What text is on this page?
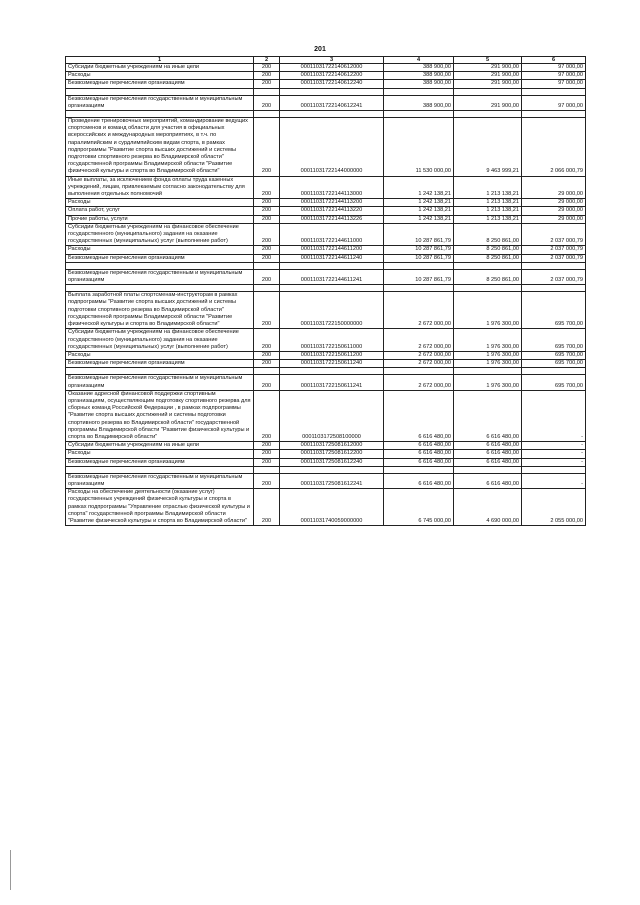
201
1	2	3	4	5	6
Субсидии бюджетным учреждениям на иные цели	200	00011031722140612000	388 900,00	291 900,00	97 000,00
Расходы	200	00011031722140612200	388 900,00	291 900,00	97 000,00
Безвозмездные перечисления организациям	200	00011031722140612240	388 900,00	291 900,00	97 000,00

Безвозмездные перечисления государственным и муниципальным организациям	200	00011031722140612241	388 900,00	291 900,00	97 000,00

Проведение тренировочных мероприятий, командирование ведущих спортсменов и команд области для участия в официальных всероссийских и международных мероприятиях, в т.ч. по паралимпийским и сурдлимпийским видам спорта, в рамках подпрограммы "Развитие спорта высших достижений и системы подготовки спортивного резерва во Владимирской области" государственной программы Владимирской области "Развитие физической культуры и спорта во Владимирской области"	200	00011031722144000000	11 530 000,00	9 463 999,21	2 066 000,79
Иные выплаты, за исключением фонда оплаты труда казенных учреждений, лицам, привлекаемым согласно законодательству для выполнения отдельных полномочий	200	00011031722144113000	1 242 138,21	1 213 138,21	29 000,00
Расходы	200	00011031722144113200	1 242 138,21	1 213 138,21	29 000,00
Оплата работ, услуг	200	00011031722144113220	1 242 138,21	1 213 138,21	29 000,00
Прочие работы, услуги	200	00011031722144113226	1 242 138,21	1 213 138,21	29 000,00
Субсидии бюджетным учреждениям на финансовое обеспечение государственного (муниципального) задания на оказание государственных (муниципальных) услуг (выполнение работ)	200	00011031722144611000	10 287 861,79	8 250 861,00	2 037 000,79
Расходы	200	00011031722144611200	10 287 861,79	8 250 861,00	2 037 000,79
Безвозмездные перечисления организациям	200	00011031722144611240	10 287 861,79	8 250 861,00	2 037 000,79

Безвозмездные перечисления государственным и муниципальным организациям	200	00011031722144611241	10 287 861,79	8 250 861,00	2 037 000,79

Выплата заработной платы спортсменам-инструкторам в рамках подпрограммы "Развитие спорта высших достижений и системы подготовки спортивного резерва во Владимирской области" государственной программы Владимирской области "Развитие физической культуры и спорта во Владимирской области"	200	00011031722150000000	2 672 000,00	1 976 300,00	695 700,00
Субсидии бюджетным учреждениям на финансовое обеспечение государственного (муниципального) задания на оказание государственных (муниципальных) услуг (выполнение работ)	200	00011031722150611000	2 672 000,00	1 976 300,00	695 700,00
Расходы	200	00011031722150611200	2 672 000,00	1 976 300,00	695 700,00
Безвозмездные перечисления организациям	200	00011031722150611240	2 672 000,00	1 976 300,00	695 700,00

Безвозмездные перечисления государственным и муниципальным организациям	200	00011031722150611241	2 672 000,00	1 976 300,00	695 700,00
Оказание адресной финансовой поддержки спортивным организациям, осуществляющим подготовку спортивного резерва для сборных команд Российской Федерации , в рамках подпрограммы "Развитие спорта высших достижений и системы подготовки спортивного резерва во Владимирской области" государственной программы Владимирской области "Развитие физической культуры и спорта во Владимирской области"	200	0001103172508100000	6 616 480,00	6 616 480,00	-
Субсидии бюджетным учреждениям на иные цели	200	00011031725081612000	6 616 480,00	6 616 480,00	-
Расходы	200	00011031725081612200	6 616 480,00	6 616 480,00	-
Безвозмездные перечисления организациям	200	00011031725081612240	6 616 480,00	6 616 480,00	-

Безвозмездные перечисления государственным и муниципальным организациям	200	00011031725081612241	6 616 480,00	6 616 480,00	-
Расходы на обеспечение деятельности (оказание услуг) государственных учреждений физической культуры и спорта в рамках подпрограммы "Управление отраслью физической культуры и спорта" государственной программы Владимирской области "Развитие физической культуры и спорта во Владимирской области"	200	00011031740059000000	6 745 000,00	4 690 000,00	2 055 000,00
